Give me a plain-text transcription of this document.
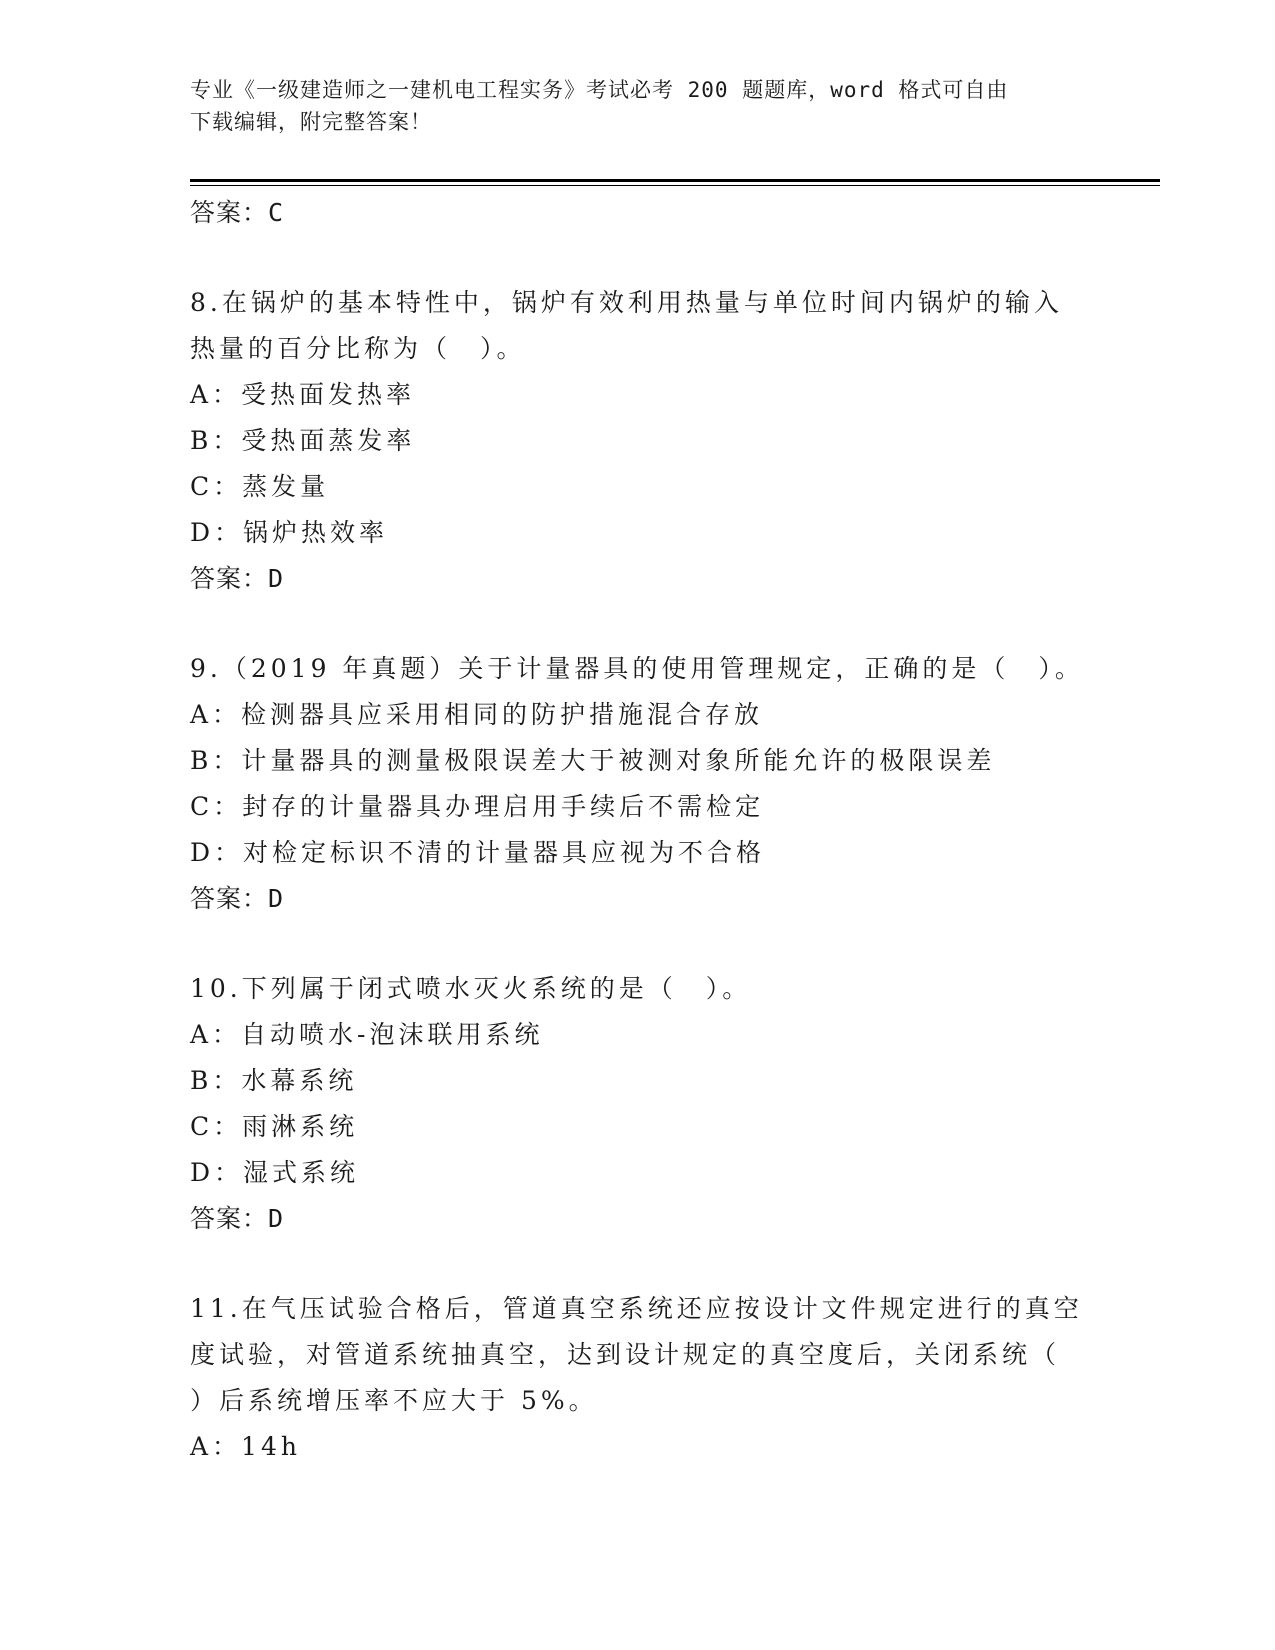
专业《一级建造师之一建机电工程实务》考试必考 200 题题库，word 格式可自由
下载编辑，附完整答案！
答案：C
8.在锅炉的基本特性中，锅炉有效利用热量与单位时间内锅炉的输入
热量的百分比称为（　）。
A：受热面发热率
B：受热面蒸发率
C：蒸发量
D：锅炉热效率
答案：D
9.（2019 年真题）关于计量器具的使用管理规定，正确的是（　）。
A：检测器具应采用相同的防护措施混合存放
B：计量器具的测量极限误差大于被测对象所能允许的极限误差
C：封存的计量器具办理启用手续后不需检定
D：对检定标识不清的计量器具应视为不合格
答案：D
10.下列属于闭式喷水灭火系统的是（　）。
A：自动喷水-泡沫联用系统
B：水幕系统
C：雨淋系统
D：湿式系统
答案：D
11.在气压试验合格后，管道真空系统还应按设计文件规定进行的真空
度试验，对管道系统抽真空，达到设计规定的真空度后，关闭系统（
）后系统增压率不应大于 5%。
A：14h
